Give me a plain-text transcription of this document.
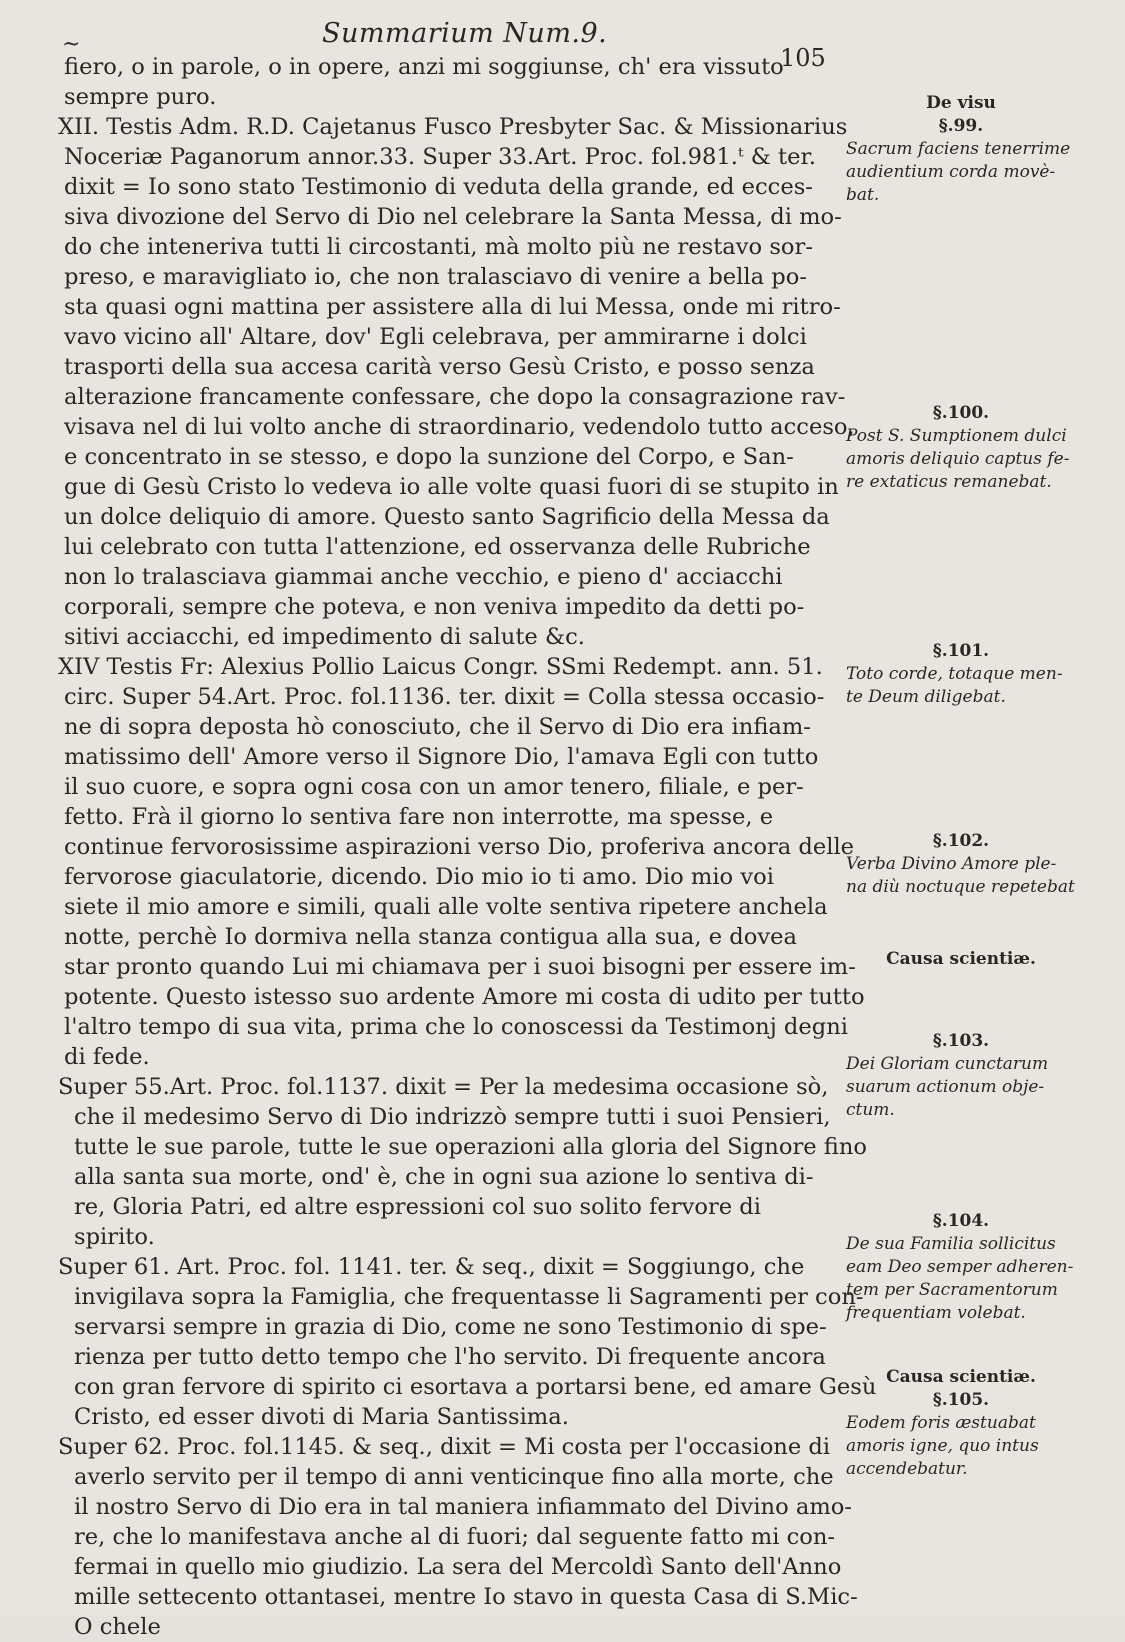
~	Summarium Num.9.
105
fiero, o in parole, o in opere, anzi mi soggiunse, ch' era vissuto
sempre puro.
XII. Testis Adm. R.D. Cajetanus Fusco Presbyter Sac. & Missionarius
Noceriæ Paganorum annor.33. Super 33.Art. Proc. fol.981.ᵗ & ter.
dixit = Io sono stato Testimonio di veduta della grande, ed ecces-
siva divozione del Servo di Dio nel celebrare la Santa Messa, di mo-
do che inteneriva tutti li circostanti, mà molto più ne restavo sor-
preso, e maravigliato io, che non tralasciavo di venire a bella po-
sta quasi ogni mattina per assistere alla di lui Messa, onde mi ritro-
vavo vicino all' Altare, dov' Egli celebrava, per ammirarne i dolci
trasporti della sua accesa carità verso Gesù Cristo, e posso senza
alterazione francamente confessare, che dopo la consagrazione rav-
visava nel di lui volto anche di straordinario, vedendolo tutto acceso,
e concentrato in se stesso, e dopo la sunzione del Corpo, e San-
gue di Gesù Cristo lo vedeva io alle volte quasi fuori di se stupito in
un dolce deliquio di amore. Questo santo Sagrificio della Messa da
lui celebrato con tutta l'attenzione, ed osservanza delle Rubriche
non lo tralasciava giammai anche vecchio, e pieno d' acciacchi
corporali, sempre che poteva, e non veniva impedito da detti po-
sitivi acciacchi, ed impedimento di salute &c.
XIV Testis Fr: Alexius Pollio Laicus Congr. SSmi Redempt. ann. 51.
circ. Super 54.Art. Proc. fol.1136. ter. dixit = Colla stessa occasio-
ne di sopra deposta hò conosciuto, che il Servo di Dio era infiam-
matissimo dell' Amore verso il Signore Dio, l'amava Egli con tutto
il suo cuore, e sopra ogni cosa con un amor tenero, filiale, e per-
fetto. Frà il giorno lo sentiva fare non interrotte, ma spesse, e
continue fervorosissime aspirazioni verso Dio, proferiva ancora delle
fervorose giaculatorie, dicendo. Dio mio io ti amo. Dio mio voi
siete il mio amore e simili, quali alle volte sentiva ripetere anchela
notte, perchè Io dormiva nella stanza contigua alla sua, e dovea
star pronto quando Lui mi chiamava per i suoi bisogni per essere im-
potente. Questo istesso suo ardente Amore mi costa di udito per tutto
l'altro tempo di sua vita, prima che lo conoscessi da Testimonj degni
di fede.
Super 55.Art. Proc. fol.1137. dixit = Per la medesima occasione sò,
che il medesimo Servo di Dio indrizzò sempre tutti i suoi Pensieri,
tutte le sue parole, tutte le sue operazioni alla gloria del Signore fino
alla santa sua morte, ond' è, che in ogni sua azione lo sentiva di-
re, Gloria Patri, ed altre espressioni col suo solito fervore di
spirito.
Super 61. Art. Proc. fol. 1141. ter. & seq., dixit = Soggiungo, che
invigilava sopra la Famiglia, che frequentasse li Sagramenti per con-
servarsi sempre in grazia di Dio, come ne sono Testimonio di spe-
rienza per tutto detto tempo che l'ho servito. Di frequente ancora
con gran fervore di spirito ci esortava a portarsi bene, ed amare Gesù
Cristo, ed esser divoti di Maria Santissima.
Super 62. Proc. fol.1145. & seq., dixit = Mi costa per l'occasione di
averlo servito per il tempo di anni venticinque fino alla morte, che
il nostro Servo di Dio era in tal maniera infiammato del Divino amo-
re, che lo manifestava anche al di fuori; dal seguente fatto mi con-
fermai in quello mio giudizio. La sera del Mercoldì Santo dell'Anno
mille settecento ottantasei, mentre Io stavo in questa Casa di S.Mic-
O chele
De visu
§.99.
Sacrum faciens tenerrime
audientium corda movè-
bat.
§.100.
Post S. Sumptionem dulci
amoris deliquio captus fe-
re extaticus remanebat.
§.101.
Toto corde, totaque men-
te Deum diligebat.
§.102.
Verba Divino Amore ple-
na diù noctuque repetebat
Causa scientiæ.
§.103.
Dei Gloriam cunctarum
suarum actionum obje-
ctum.
§.104.
De sua Familia sollicitus
eam Deo semper adheren-
tem per Sacramentorum
frequentiam volebat.
Causa scientiæ.
§.105.
Eodem foris æstuabat
amoris igne, quo intus
accendebatur.
